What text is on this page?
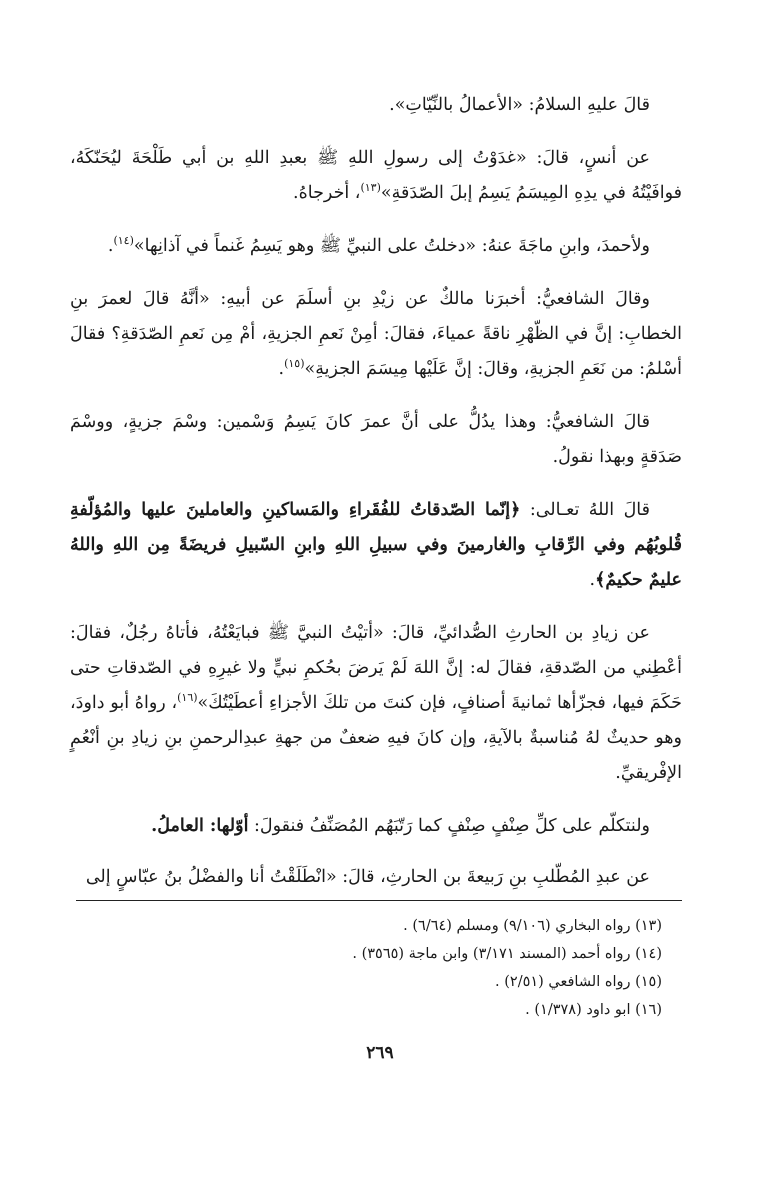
قالَ عليهِ السلامُ: «الأعمالُ بالنِّيّاتِ».

عن أنسٍ، قالَ: «غدَوْتُ إلى رسولِ اللهِ ﷺ بعبدِ اللهِ بن أبي طَلْحَةَ ليُحَنّكَهُ، فوافَيْتُهُ في يدِهِ المِيسَمُ يَسِمُ إبلَ الصّدَقةِ»$^{(١٣)}$، أخرجاهُ.

ولأحمدَ، وابنِ ماجَةَ عنهُ: «دخلتُ على النبيِّ ﷺ وهو يَسِمُ غَنماً في آذانِها»$^{(١٤)}$.

وقالَ الشافعيُّ: أخبرَنا مالكٌ عن زيْدِ بنِ أسلَمَ عن أبيهِ: «أنَّهُ قالَ لعمرَ بنِ الخطابِ: إنَّ في الظّهْرِ ناقةً عمياءَ، فقالَ: أمِنْ نَعمِ الجزيةِ، أمْ مِن نَعمِ الصّدَقةِ؟ فقالَ أسْلمُ: من نَعَمِ الجزيةِ، وقالَ: إنَّ عَلَيْها مِيسَمَ الجزيةِ»$^{(١٥)}$.

قالَ الشافعيُّ: وهذا يدُلُّ على أنَّ عمرَ كانَ يَسِمُ وَسْمين: وسْمَ جزيةٍ، ووسْمَ صَدَقةٍ وبهذا نقولُ.

قالَ اللهُ تعـالى: ﴿إنّما الصّدقاتُ للفُقَراءِ والمَساكينِ والعاملينَ عليها والمُؤلّفةِ قُلوبُهُم وفي الرِّقابِ والغارمينَ وفي سبيلِ اللهِ وابنِ السّبيلِ فريضَةً مِن اللهِ واللهُ عليمٌ حكيمٌ﴾.

عن زيادِ بن الحارثِ الصُّدائيِّ، قالَ: «أتيْتُ النبيَّ ﷺ فبايَعْتُهُ، فأتاهُ رجُلٌ، فقالَ: أعْطِني من الصّدقةِ، فقالَ له: إنَّ اللهَ لَمْ يَرضَ بحُكمِ نبيٍّ ولا غيرِهِ في الصّدقاتِ حتى حَكَمَ فيها، فجزّأها ثمانيةَ أصنافٍ، فإن كنتَ من تلكَ الأجزاءِ أعطَيْتُكَ»$^{(١٦)}$، رواهُ أبو داودَ، وهو حديثٌ لهُ مُناسبةٌ بالآيةِ، وإن كانَ فيهِ ضعفٌ من جهةِ عبدِالرحمنِ بنِ زيادِ بنِ أنْعُمٍ الإفْريقيِّ.

ولنتكلّم على كلِّ صِنْفٍ صِنْفٍ كما رَتّبَهُم المُصَنِّفُ فنقولَ: أوّلها: العاملُ.

عن عبدِ المُطّلبِ بنِ رَبيعةَ بن الحارثِ، قالَ: «انْطَلَقْتُ أنا والفضْلُ بنُ عبّاسٍ إلى

(١٣) رواه البخاري (٩/١٠٦) ومسلم (٦/٦٤) .
(١٤) رواه أحمد (المسند ٣/١٧١) وابن ماجة (٣٥٦٥) .
(١٥) رواه الشافعي (٢/٥١) .
(١٦) ابو داود (١/٣٧٨) .
٢٦٩
